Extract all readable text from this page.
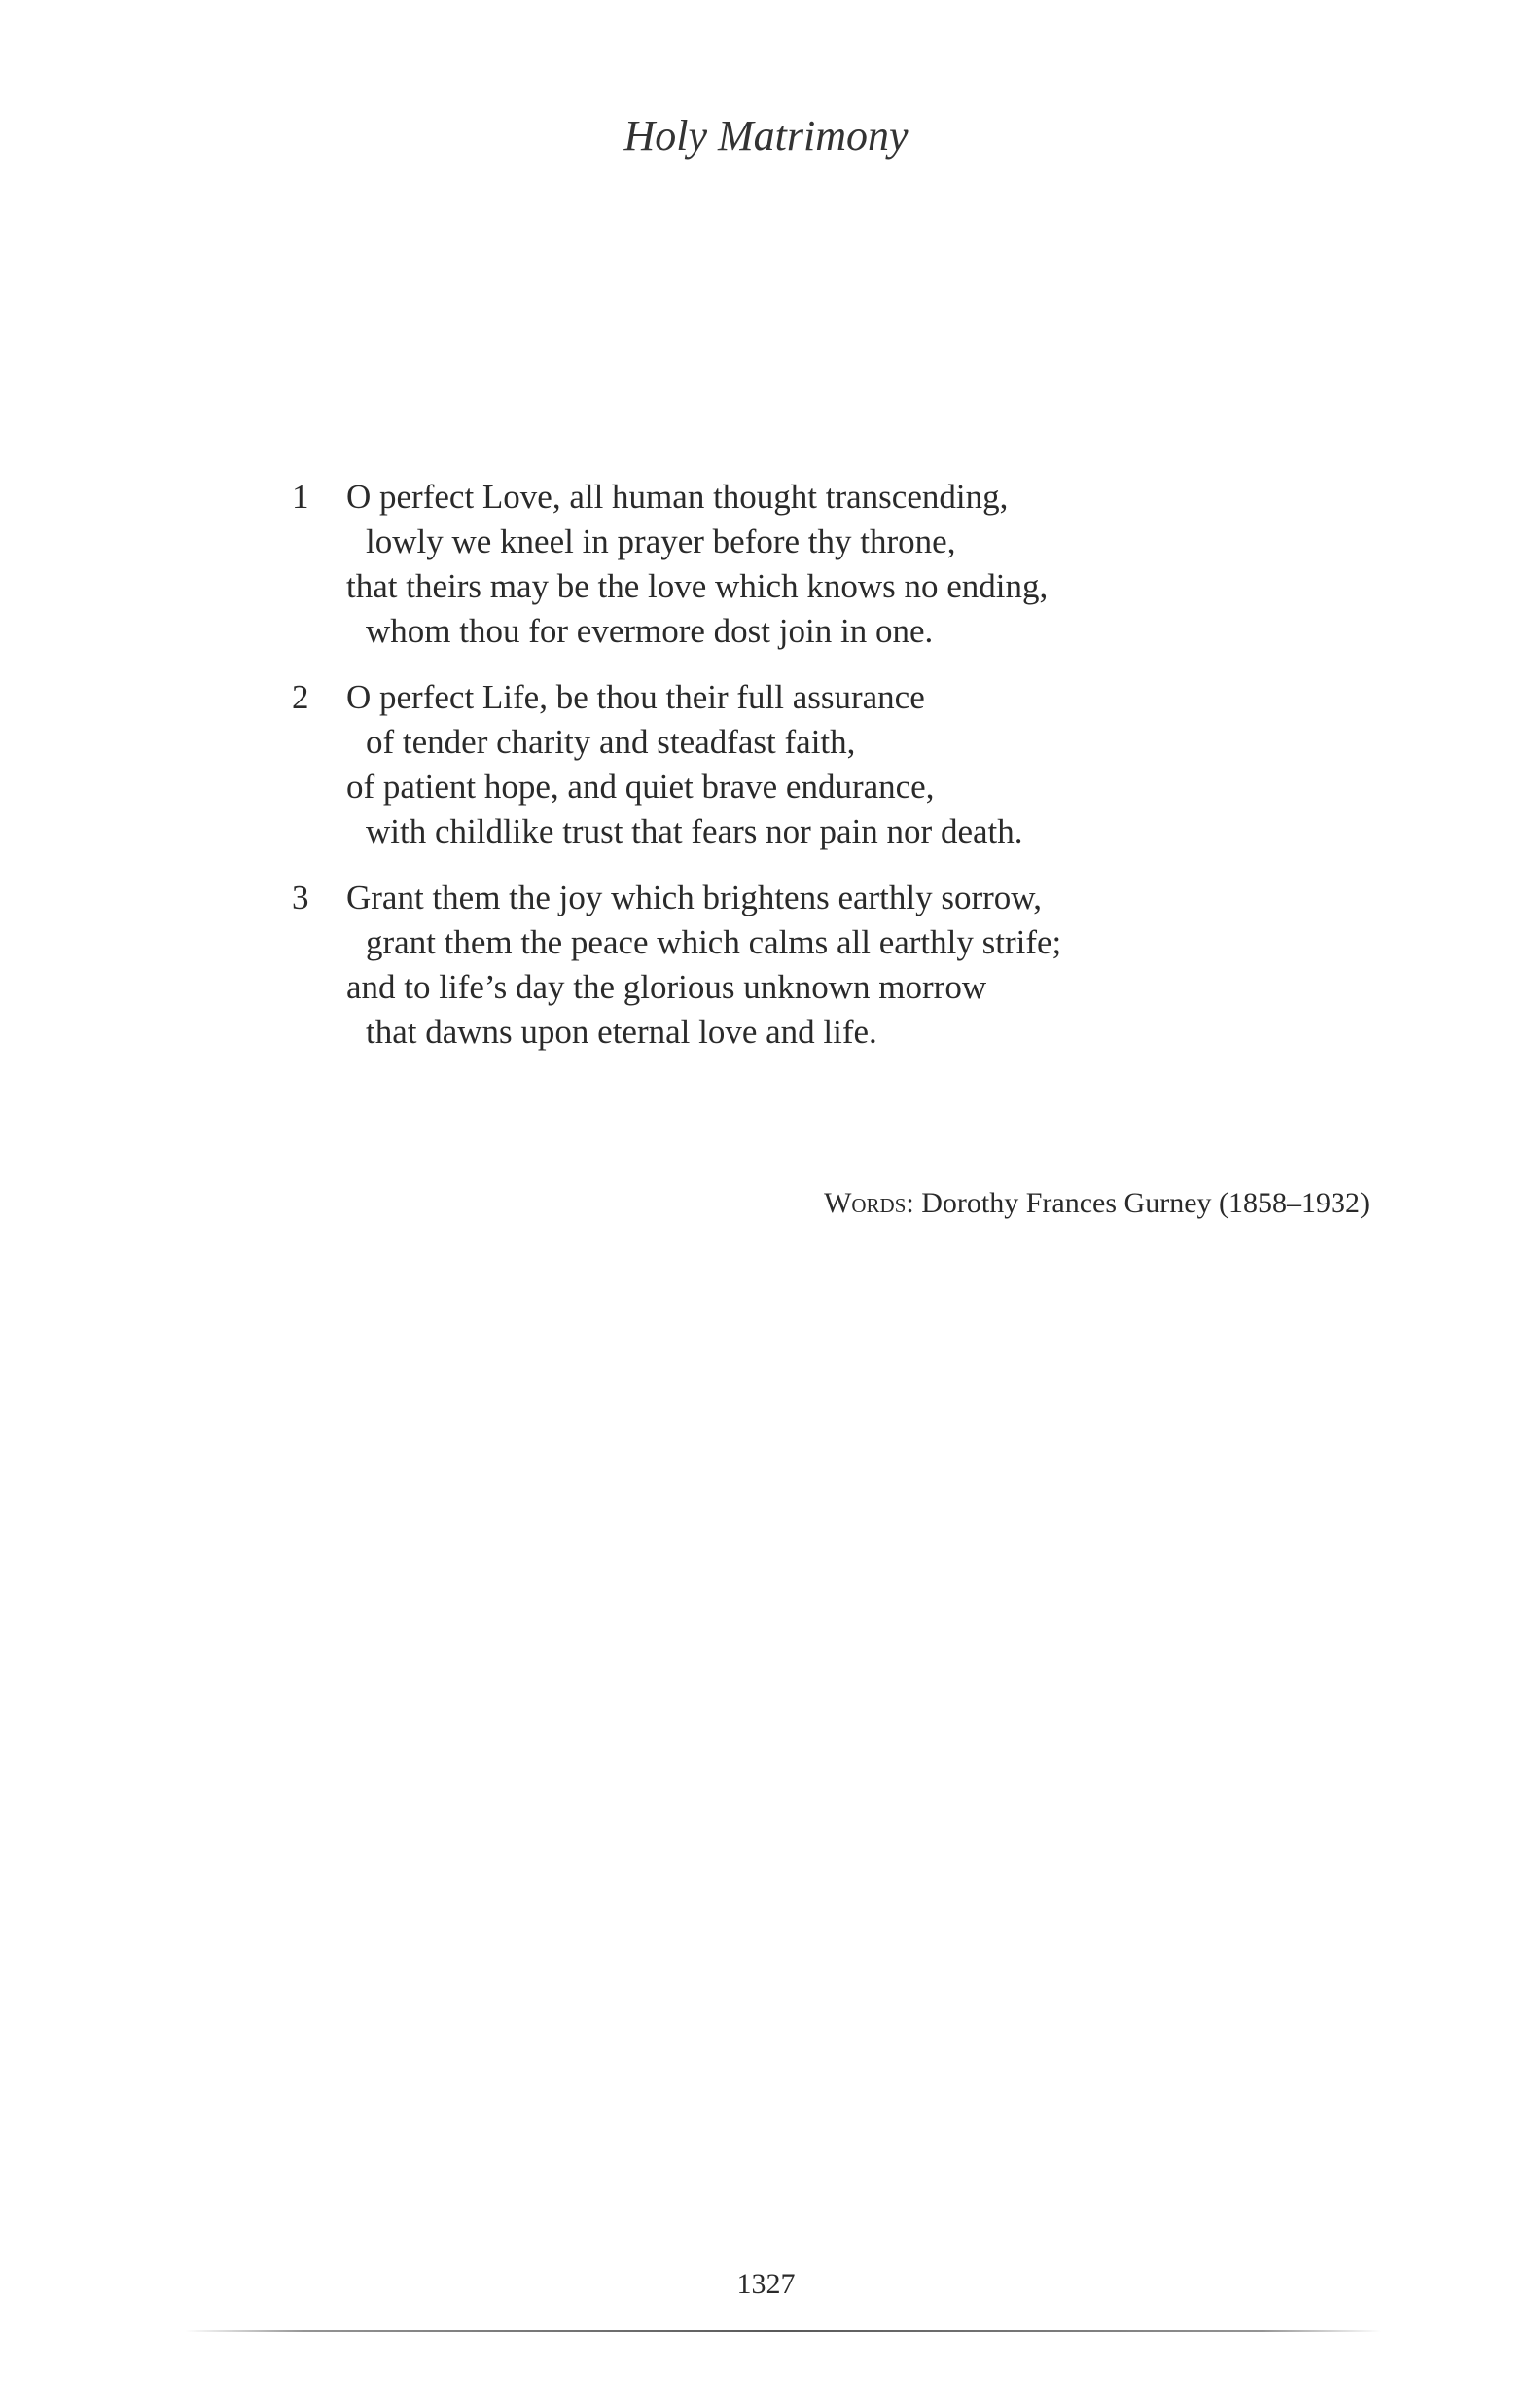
Holy Matrimony
1	O perfect Love, all human thought transcending,
lowly we kneel in prayer before thy throne,
that theirs may be the love which knows no ending,
whom thou for evermore dost join in one.
2	O perfect Life, be thou their full assurance
of tender charity and steadfast faith,
of patient hope, and quiet brave endurance,
with childlike trust that fears nor pain nor death.
3	Grant them the joy which brightens earthly sorrow,
grant them the peace which calms all earthly strife;
and to life’s day the glorious unknown morrow
that dawns upon eternal love and life.
Words: Dorothy Frances Gurney (1858–1932)
1327
